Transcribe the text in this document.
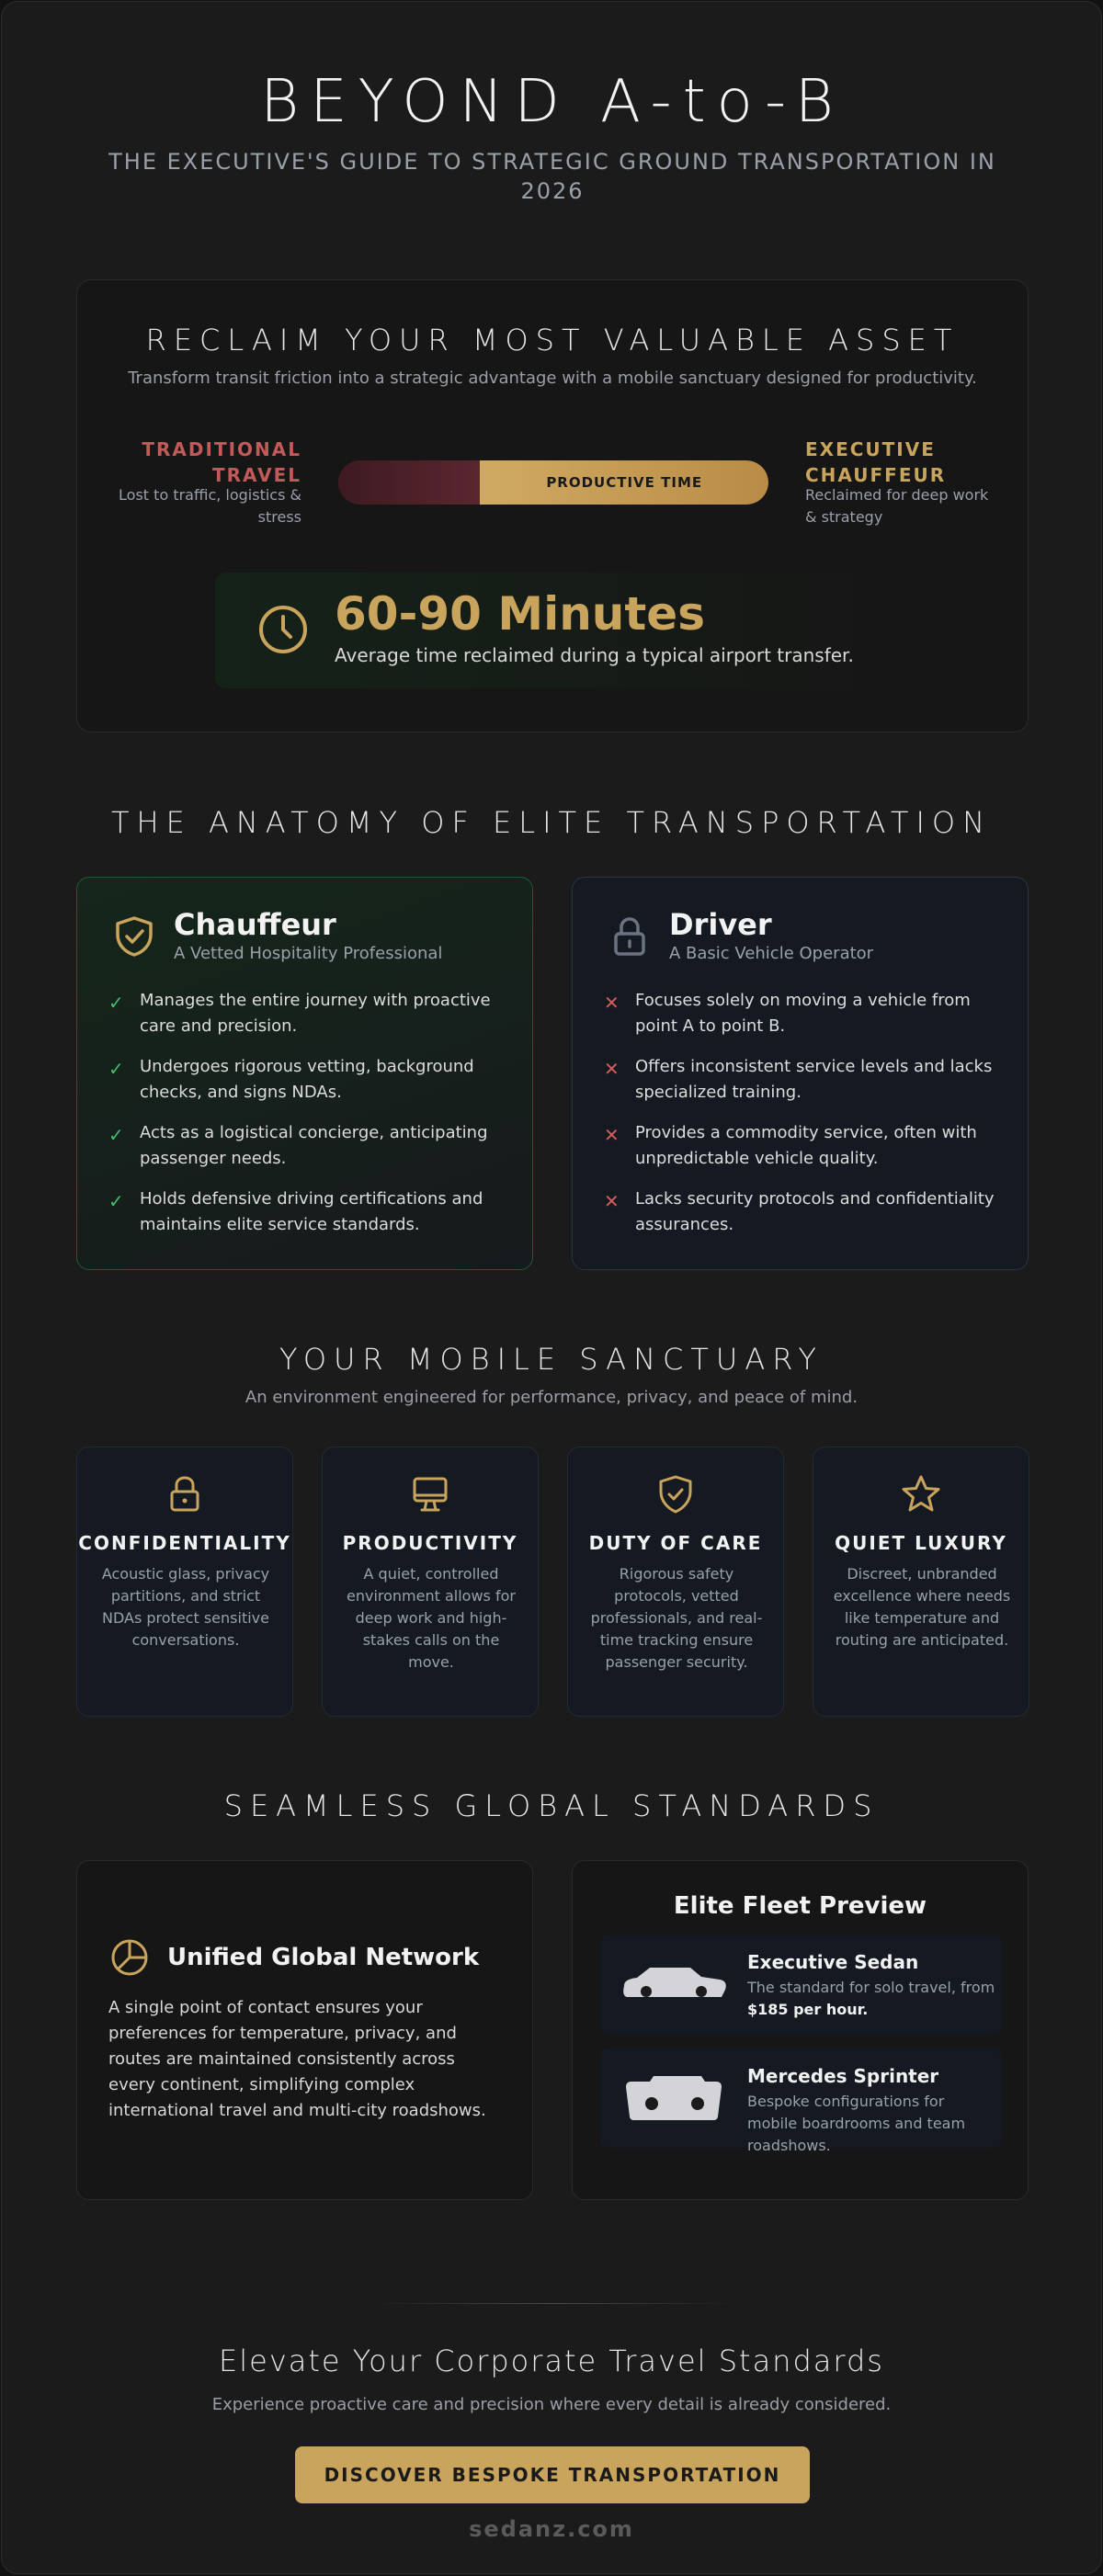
BEYOND A-to-B
THE EXECUTIVE'S GUIDE TO STRATEGIC GROUND TRANSPORTATION IN 2026
RECLAIM YOUR MOST VALUABLE ASSET
Transform transit friction into a strategic advantage with a mobile sanctuary designed for productivity.
TRADITIONAL TRAVEL
Lost to traffic, logistics & stress
PRODUCTIVE TIME
EXECUTIVE CHAUFFEUR
Reclaimed for deep work & strategy
60-90 Minutes
Average time reclaimed during a typical airport transfer.
THE ANATOMY OF ELITE TRANSPORTATION
Chauffeur
A Vetted Hospitality Professional
✓ Manages the entire journey with proactive care and precision.
✓ Undergoes rigorous vetting, background checks, and signs NDAs.
✓ Acts as a logistical concierge, anticipating passenger needs.
✓ Holds defensive driving certifications and maintains elite service standards.
Driver
A Basic Vehicle Operator
✕ Focuses solely on moving a vehicle from point A to point B.
✕ Offers inconsistent service levels and lacks specialized training.
✕ Provides a commodity service, often with unpredictable vehicle quality.
✕ Lacks security protocols and confidentiality assurances.
YOUR MOBILE SANCTUARY
An environment engineered for performance, privacy, and peace of mind.
CONFIDENTIALITY
Acoustic glass, privacy partitions, and strict NDAs protect sensitive conversations.
PRODUCTIVITY
A quiet, controlled environment allows for deep work and high-stakes calls on the move.
DUTY OF CARE
Rigorous safety protocols, vetted professionals, and real-time tracking ensure passenger security.
QUIET LUXURY
Discreet, unbranded excellence where needs like temperature and routing are anticipated.
SEAMLESS GLOBAL STANDARDS
Unified Global Network
A single point of contact ensures your preferences for temperature, privacy, and routes are maintained consistently across every continent, simplifying complex international travel and multi-city roadshows.
Elite Fleet Preview
Executive Sedan
The standard for solo travel, from $185 per hour.
Mercedes Sprinter
Bespoke configurations for mobile boardrooms and team roadshows.
Elevate Your Corporate Travel Standards
Experience proactive care and precision where every detail is already considered.
DISCOVER BESPOKE TRANSPORTATION
sedanz.com
